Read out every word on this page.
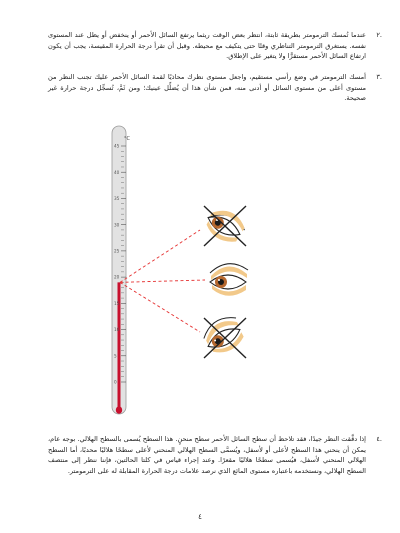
٢.
عندما تُمسك الترمومتر بطريقة ثابتة، انتظر بعض الوقت ريثما يرتفع السائل الأحمر أو ينخفض أو يظل عند المستوى نفسه. يستغرق الترمومتر التناظري وقتًا حتى يتكيف مع محيطه. وقبل أن تقرأ درجة الحرارة المقيسة، يجب أن يكون ارتفاع السائل الأحمر مستقرًّا ولا يتغير على الإطلاق.
٣.
أمسك الترمومتر في وضع رأسي مستقيم، واجعل مستوى نظرك محاذيًا لقمة السائل الأحمر عليك تجنب النظر من مستوى أعلى من مستوى السائل أو أدنى منه، فمن شأن هذا أن يُضلِّل عينيك؛ ومن ثَمَّ، تُسجِّل درجة حرارة غير صحيحة.
°C
45
40
35
30
25
20
15
10
5
0
٤.
إذا دقَّقت النظر جيدًا، فقد تلاحظ أن سطح السائل الأحمر سطح منحنٍ. هذا السطح يُسمى بالسطح الهلالي. بوجه عام، يمكن أن ينحني هذا السطح لأعلى أو لأسفل، ويُسمَّى السطح الهلالي المنحني لأعلى سطحًا هلاليًا محدبًا، أما السطح الهلالي المنحني لأسفل، فيُسمى سطحًا هلاليًا مقعرًا. وعند إجراء قياس في كلتا الحالتين، فإننا ننظر إلى منتصف السطح الهلالي، ونستخدمه باعتباره مستوى المائع الذي نرصد علامات درجة الحرارة المقابلة له على الترمومتر.
٤
